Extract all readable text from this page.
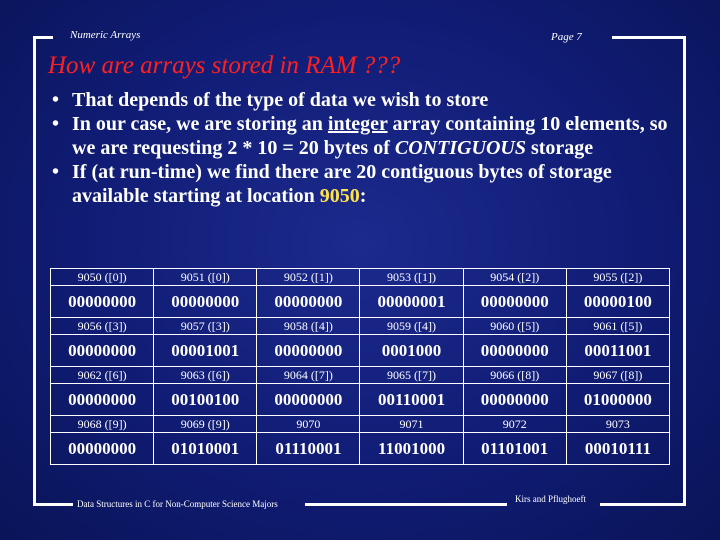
Numeric Arrays	Page 7
How are arrays stored in RAM ???
• That depends of the type of data we wish to store
• In our case, we are storing an integer array containing 10 elements, so we are requesting 2 * 10 = 20 bytes of CONTIGUOUS storage
• If (at run-time) we find there are 20 contiguous bytes of storage available starting at location 9050:
9050 ([0])	9051 ([0])	9052 ([1])	9053 ([1])	9054 ([2])	9055 ([2])
00000000	00000000	00000000	00000001	00000000	00000100
9056 ([3])	9057 ([3])	9058 ([4])	9059 ([4])	9060 ([5])	9061 ([5])
00000000	00001001	00000000	0001000	00000000	00011001
9062 ([6])	9063 ([6])	9064 ([7])	9065 ([7])	9066 ([8])	9067 ([8])
00000000	00100100	00000000	00110001	00000000	01000000
9068 ([9])	9069 ([9])	9070	9071	9072	9073
00000000	01010001	01110001	11001000	01101001	00010111
Data Structures in C for Non-Computer Science Majors	Kirs and Pflughoeft
